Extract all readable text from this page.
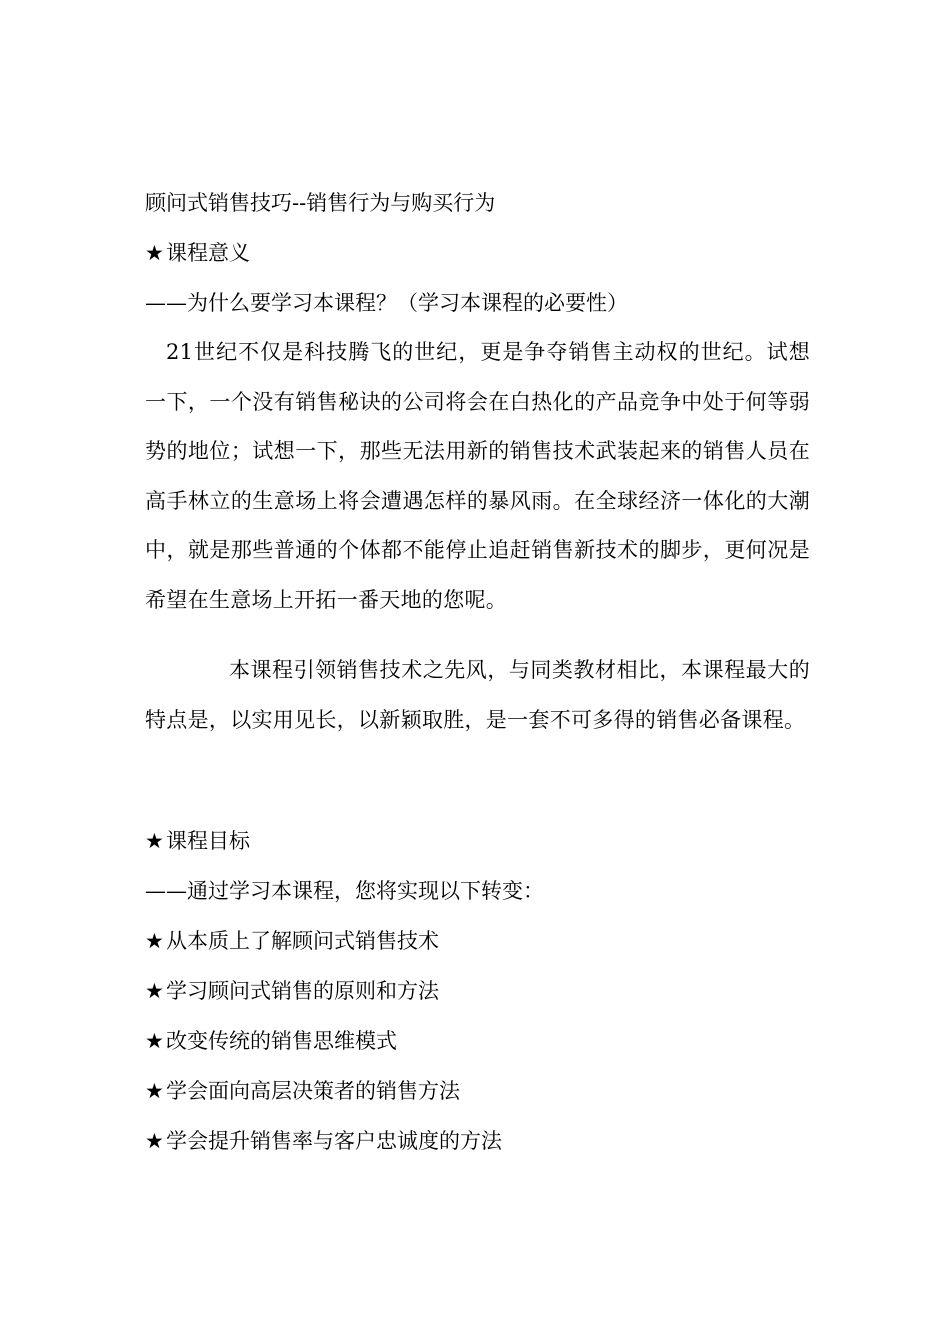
顾问式销售技巧--销售行为与购买行为
★ 课程意义
——为什么要学习本课程？（学习本课程的必要性）

21世纪不仅是科技腾飞的世纪，更是争夺销售主动权的世纪。试想一下，一个没有销售秘诀的公司将会在白热化的产品竞争中处于何等弱势的地位；试想一下，那些无法用新的销售技术武装起来的销售人员在高手林立的生意场上将会遭遇怎样的暴风雨。在全球经济一体化的大潮中，就是那些普通的个体都不能停止追赶销售新技术的脚步，更何况是希望在生意场上开拓一番天地的您呢。

本课程引领销售技术之先风，与同类教材相比，本课程最大的特点是，以实用见长，以新颖取胜，是一套不可多得的销售必备课程。

★ 课程目标
——通过学习本课程，您将实现以下转变：
★ 从本质上了解顾问式销售技术
★ 学习顾问式销售的原则和方法
★ 改变传统的销售思维模式
★ 学会面向高层决策者的销售方法
★ 学会提升销售率与客户忠诚度的方法
